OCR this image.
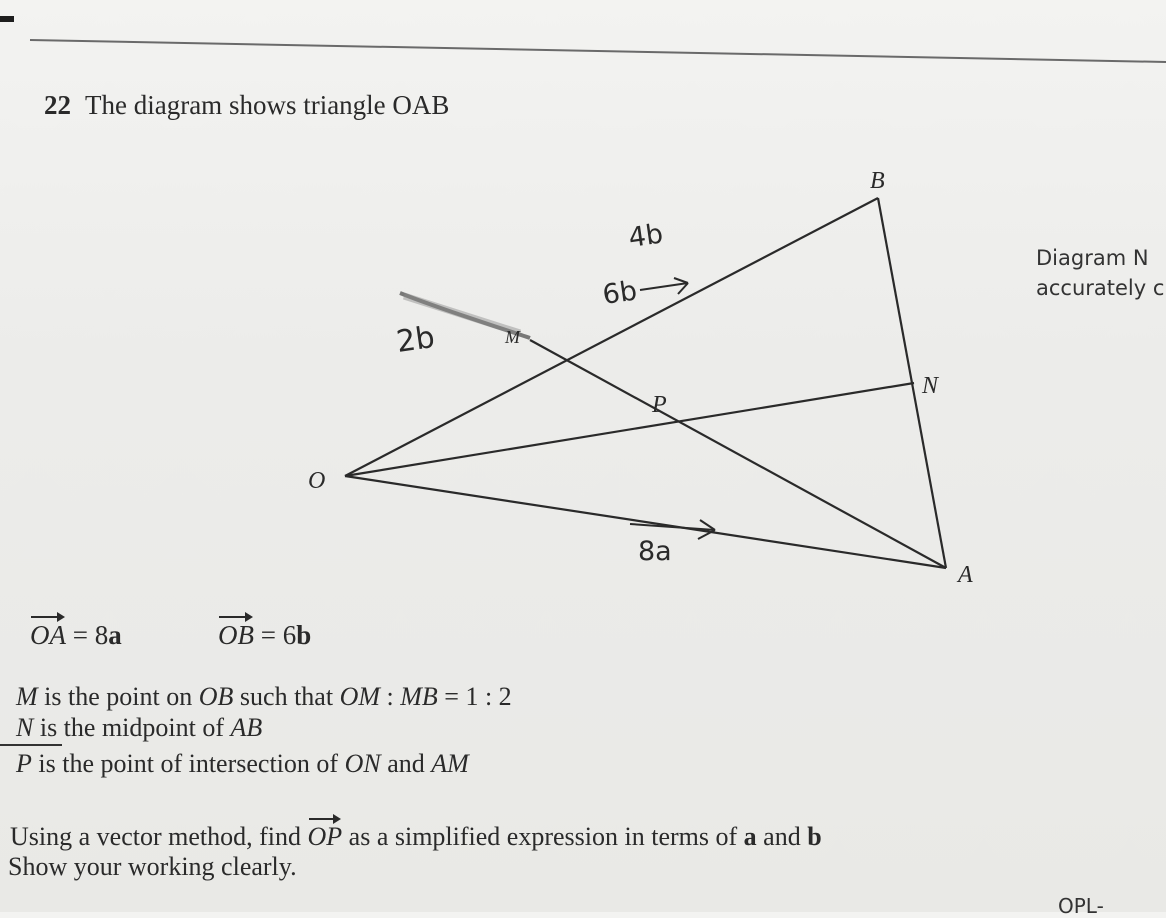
22 The diagram shows triangle OAB
O
A
B
M
N
P
4b
6b
2b
8a
Diagram N
accurately c
OA = 8a	OB = 6b
M is the point on OB such that OM : MB = 1 : 2
N is the midpoint of AB
P is the point of intersection of ON and AM
Using a vector method, find OP as a simplified expression in terms of a and b
Show your working clearly.
OPL-
